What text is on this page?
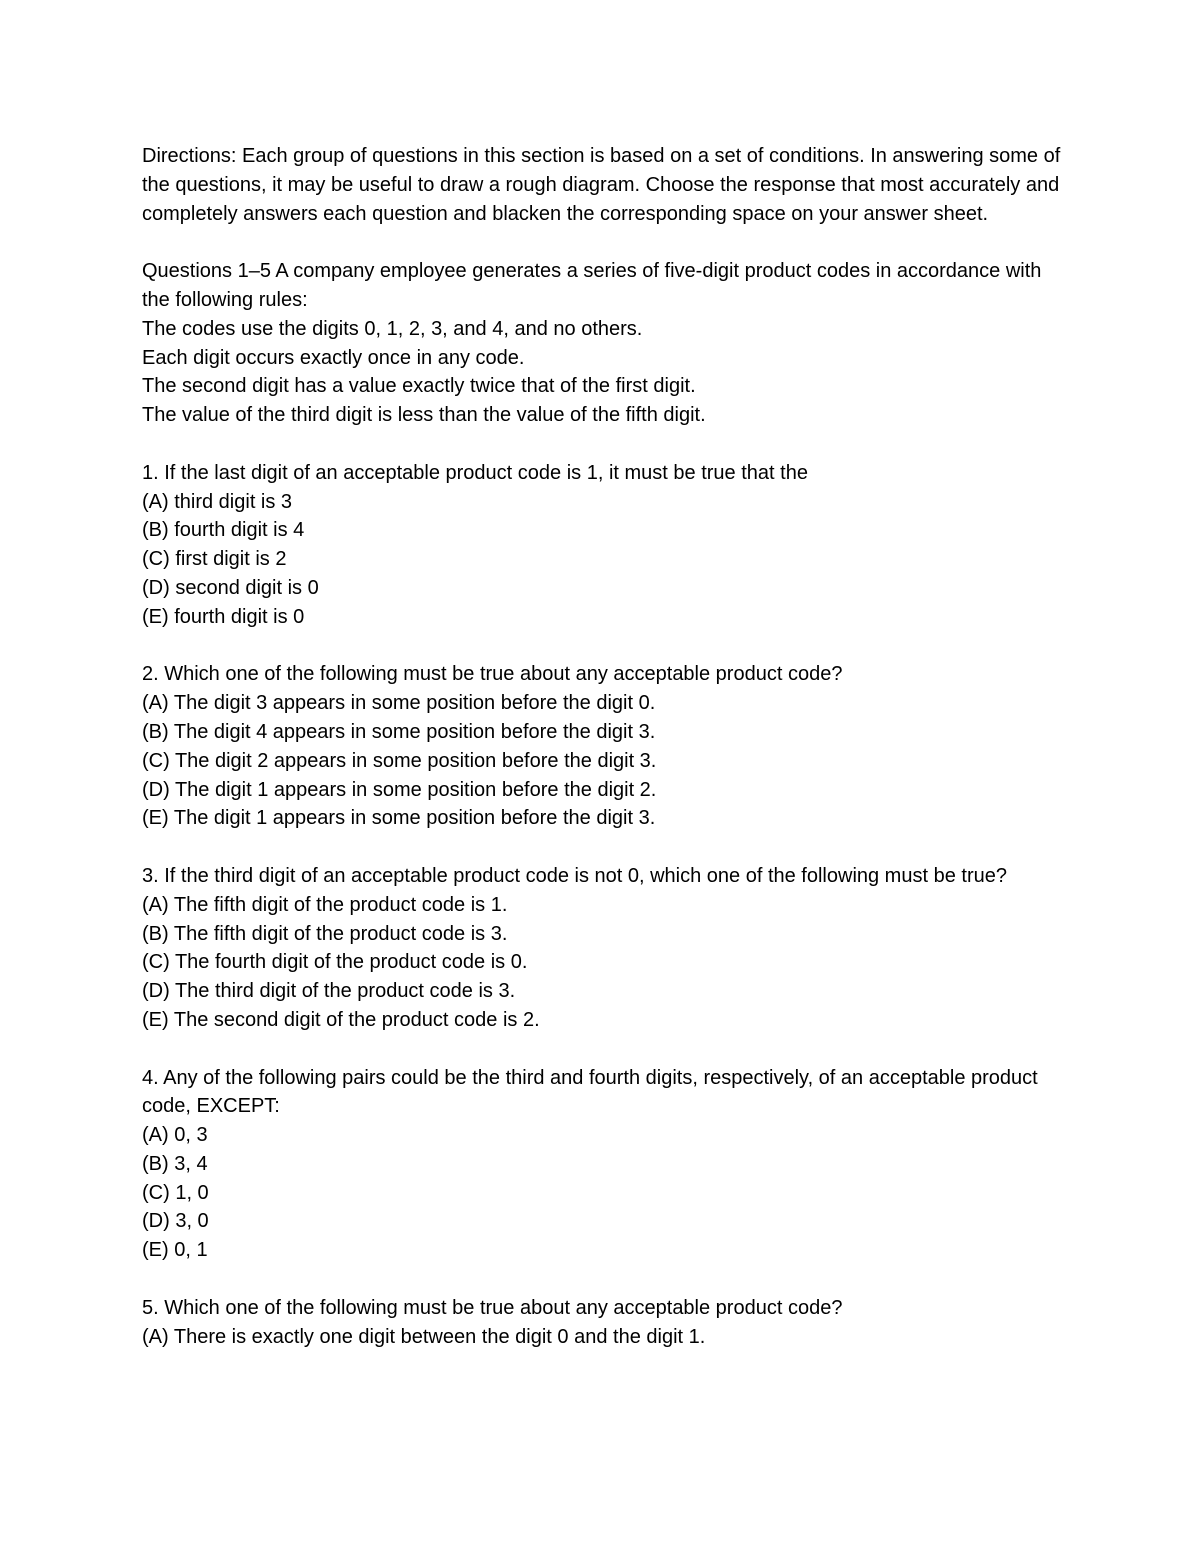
Directions: Each group of questions in this section is based on a set of conditions. In answering some of the questions, it may be useful to draw a rough diagram. Choose the response that most accurately and completely answers each question and blacken the corresponding space on your answer sheet.

Questions 1–5 A company employee generates a series of five-digit product codes in accordance with the following rules:
The codes use the digits 0, 1, 2, 3, and 4, and no others.
Each digit occurs exactly once in any code.
The second digit has a value exactly twice that of the first digit.
The value of the third digit is less than the value of the fifth digit.
1. If the last digit of an acceptable product code is 1, it must be true that the
(A) third digit is 3
(B) fourth digit is 4
(C) first digit is 2
(D) second digit is 0
(E) fourth digit is 0
2. Which one of the following must be true about any acceptable product code?
(A) The digit 3 appears in some position before the digit 0.
(B) The digit 4 appears in some position before the digit 3.
(C) The digit 2 appears in some position before the digit 3.
(D) The digit 1 appears in some position before the digit 2.
(E) The digit 1 appears in some position before the digit 3.
3. If the third digit of an acceptable product code is not 0, which one of the following must be true?
(A) The fifth digit of the product code is 1.
(B) The fifth digit of the product code is 3.
(C) The fourth digit of the product code is 0.
(D) The third digit of the product code is 3.
(E) The second digit of the product code is 2.
4. Any of the following pairs could be the third and fourth digits, respectively, of an acceptable product code, EXCEPT:
(A) 0, 3
(B) 3, 4
(C) 1, 0
(D) 3, 0
(E) 0, 1
5. Which one of the following must be true about any acceptable product code?
(A) There is exactly one digit between the digit 0 and the digit 1.
